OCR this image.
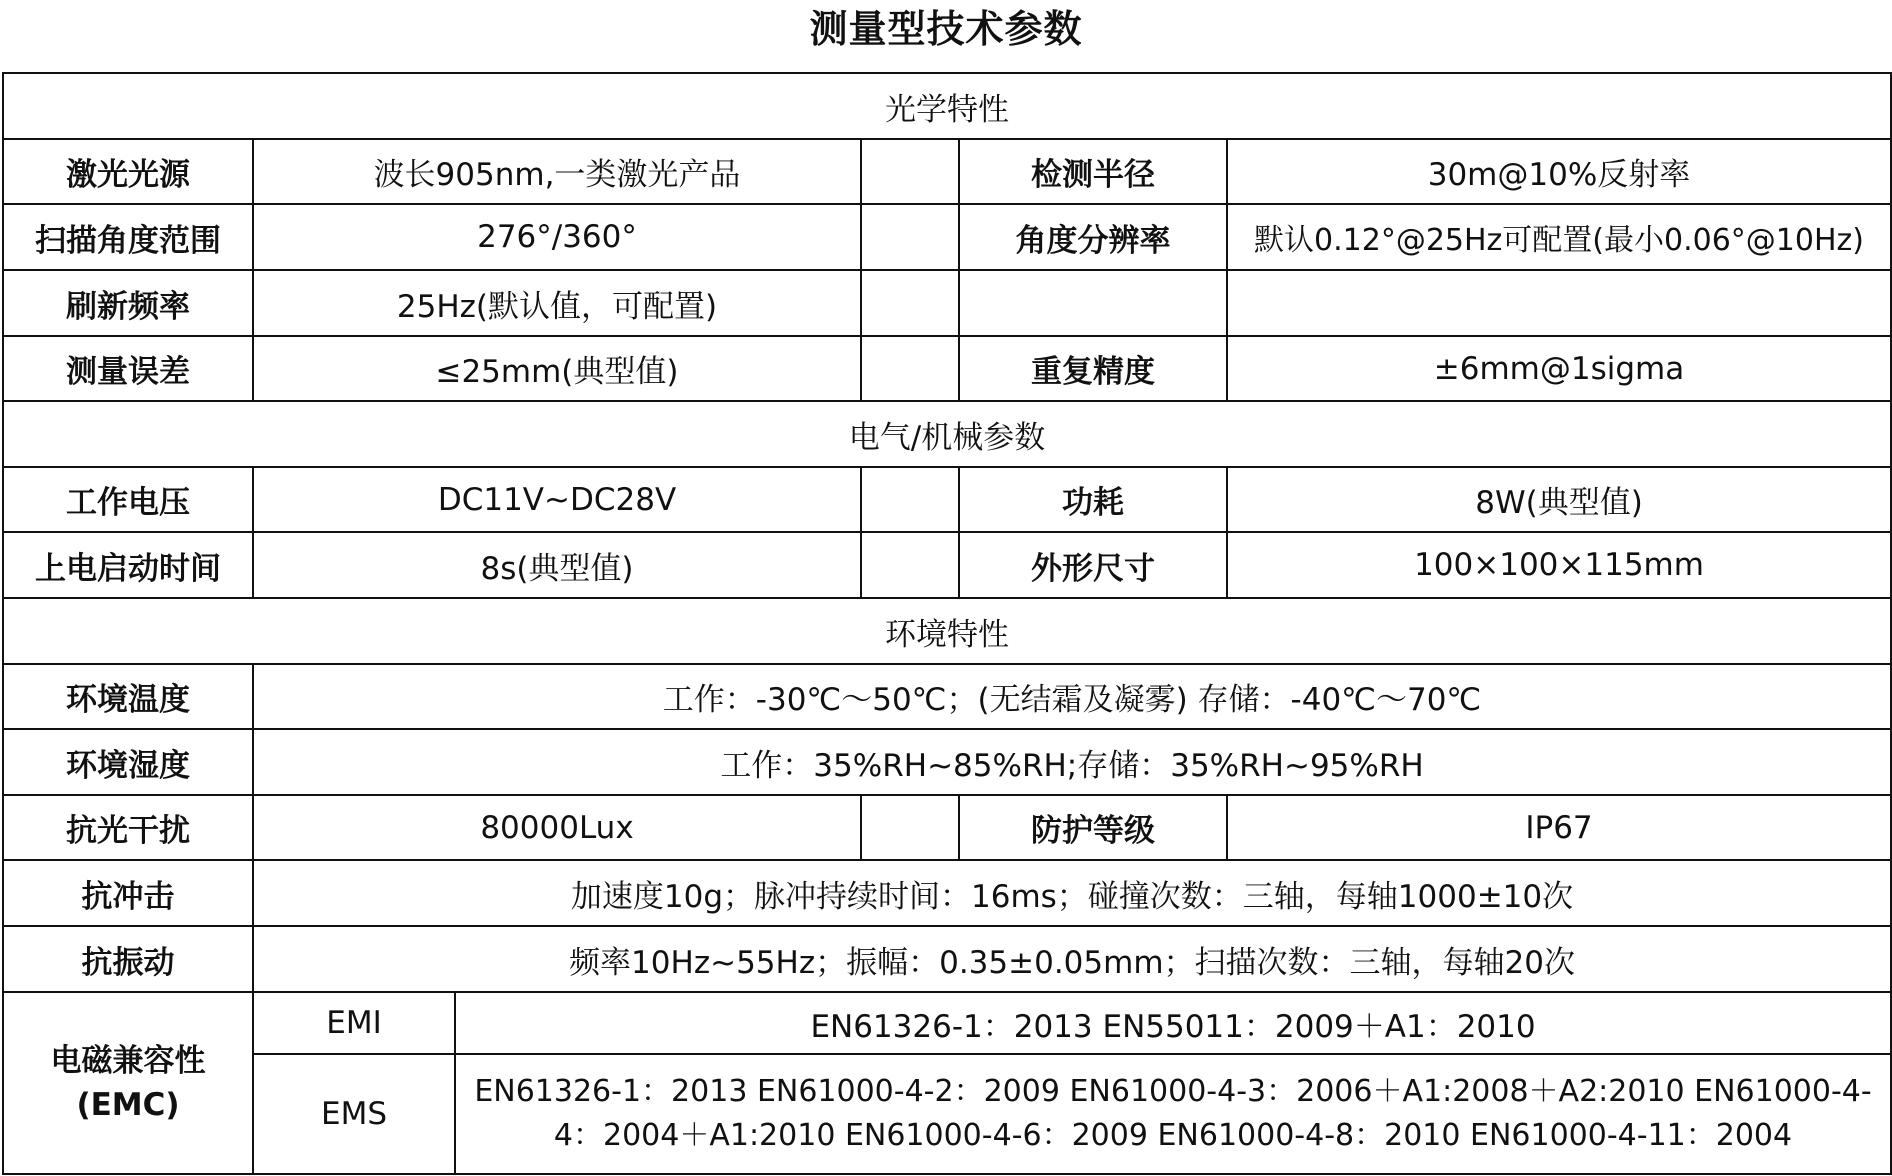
测量型技术参数
光学特性					
激光光源	波长905nm,一类激光产品			检测半径	30m@10%反射率
扫描角度范围	276°/360°			角度分辨率	默认0.12°@25Hz可配置(最小0.06°@10Hz)
刷新频率	25Hz(默认值，可配置)				
测量误差	≤25mm(典型值)			重复精度	±6mm@1sigma
电气/机械参数					
工作电压	DC11V~DC28V			功耗	8W(典型值)
上电启动时间	8s(典型值)			外形尺寸	100×100×115mm
环境特性					
环境温度	工作：-30℃～50℃；(无结霜及凝雾) 存储：-40℃～70℃				
环境湿度	工作：35%RH~85%RH;存储：35%RH~95%RH				
抗光干扰	80000Lux			防护等级	IP67
抗冲击	加速度10g；脉冲持续时间：16ms；碰撞次数：三轴，每轴1000±10次				
抗振动	频率10Hz~55Hz；振幅：0.35±0.05mm；扫描次数：三轴，每轴20次				
电磁兼容性(EMC)	EMI	EN61326-1：2013 EN55011：2009＋A1：2010			
	EMS	EN61326-1：2013 EN61000-4-2：2009 EN61000-4-3：2006＋A1:2008＋A2:2010 EN61000-4-4：2004＋A1:2010 EN61000-4-6：2009 EN61000-4-8：2010 EN61000-4-11：2004			
